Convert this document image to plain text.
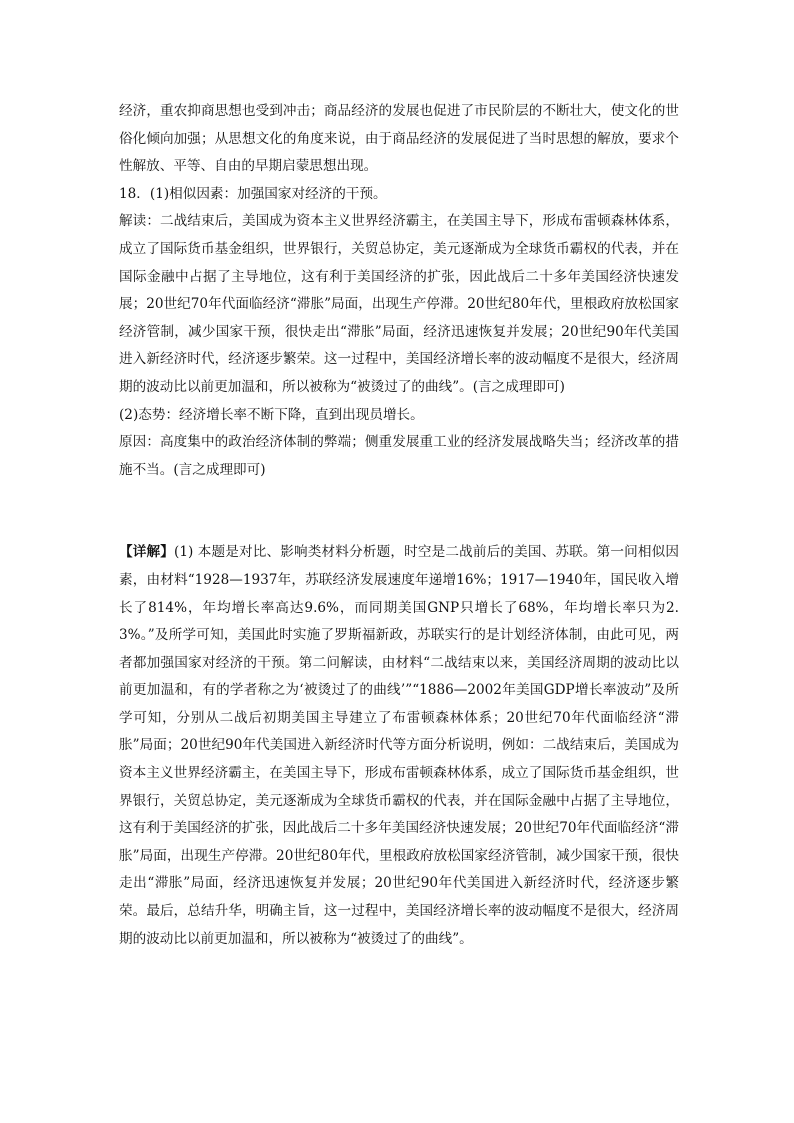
经济，重农抑商思想也受到冲击；商品经济的发展也促进了市民阶层的不断壮大，使文化的世俗化倾向加强；从思想文化的角度来说，由于商品经济的发展促进了当时思想的解放，要求个性解放、平等、自由的早期启蒙思想出现。

18．(1)相似因素：加强国家对经济的干预。

解读：二战结束后，美国成为资本主义世界经济霸主，在美国主导下，形成布雷顿森林体系，成立了国际货币基金组织，世界银行，关贸总协定，美元逐渐成为全球货币霸权的代表，并在国际金融中占据了主导地位，这有利于美国经济的扩张，因此战后二十多年美国经济快速发展；20世纪70年代面临经济“滞胀”局面，出现生产停滞。20世纪80年代，里根政府放松国家经济管制，减少国家干预，很快走出“滞胀”局面，经济迅速恢复并发展；20世纪90年代美国进入新经济时代，经济逐步繁荣。这一过程中，美国经济增长率的波动幅度不是很大，经济周期的波动比以前更加温和，所以被称为“被烫过了的曲线”。(言之成理即可)

(2)态势：经济增长率不断下降，直到出现员增长。

原因：高度集中的政治经济体制的弊端；侧重发展重工业的经济发展战略失当；经济改革的措施不当。(言之成理即可)

【详解】(1) 本题是对比、影响类材料分析题，时空是二战前后的美国、苏联。第一问相似因素，由材料“1928—1937年，苏联经济发展速度年递增16%；1917—1940年，国民收入增长了814%，年均增长率高达9.6%，而同期美国GNP只增长了68%，年均增长率只为2.3%。”及所学可知，美国此时实施了罗斯福新政，苏联实行的是计划经济体制，由此可见，两者都加强国家对经济的干预。第二问解读，由材料“二战结束以来，美国经济周期的波动比以前更加温和，有的学者称之为‘被烫过了的曲线’”“1886—2002年美国GDP增长率波动”及所学可知，分别从二战后初期美国主导建立了布雷顿森林体系；20世纪70年代面临经济“滞胀”局面；20世纪90年代美国进入新经济时代等方面分析说明，例如：二战结束后，美国成为资本主义世界经济霸主，在美国主导下，形成布雷顿森林体系，成立了国际货币基金组织，世界银行，关贸总协定，美元逐渐成为全球货币霸权的代表，并在国际金融中占据了主导地位，这有利于美国经济的扩张，因此战后二十多年美国经济快速发展；20世纪70年代面临经济“滞胀”局面，出现生产停滞。20世纪80年代，里根政府放松国家经济管制，减少国家干预，很快走出“滞胀”局面，经济迅速恢复并发展；20世纪90年代美国进入新经济时代，经济逐步繁荣。最后，总结升华，明确主旨，这一过程中，美国经济增长率的波动幅度不是很大，经济周期的波动比以前更加温和，所以被称为“被烫过了的曲线”。
